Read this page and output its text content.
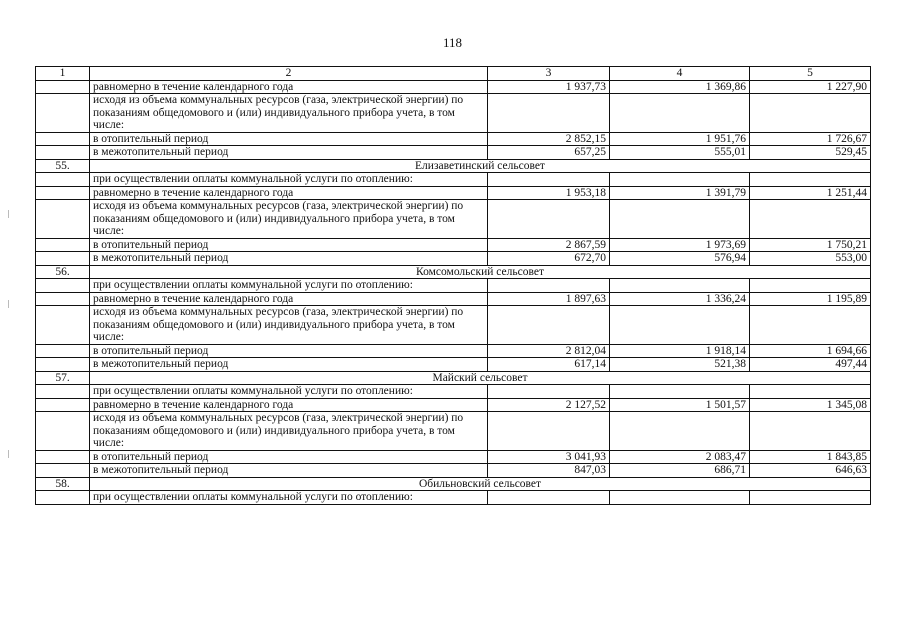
118
1	2	3	4	5
	равномерно в течение календарного года	1 937,73	1 369,86	1 227,90
	исходя из объема коммунальных ресурсов (газа, электрической энергии) по показаниям общедомового и (или) индивидуального прибора учета, в том числе:			
	в отопительный период	2 852,15	1 951,76	1 726,67
	в межотопительный период	657,25	555,01	529,45
55.	Елизаветинский сельсовет			
	при осуществлении оплаты коммунальной услуги по отоплению:			
	равномерно в течение календарного года	1 953,18	1 391,79	1 251,44
	исходя из объема коммунальных ресурсов (газа, электрической энергии) по показаниям общедомового и (или) индивидуального прибора учета, в том числе:			
	в отопительный период	2 867,59	1 973,69	1 750,21
	в межотопительный период	672,70	576,94	553,00
56.	Комсомольский сельсовет			
	при осуществлении оплаты коммунальной услуги по отоплению:			
	равномерно в течение календарного года	1 897,63	1 336,24	1 195,89
	исходя из объема коммунальных ресурсов (газа, электрической энергии) по показаниям общедомового и (или) индивидуального прибора учета, в том числе:			
	в отопительный период	2 812,04	1 918,14	1 694,66
	в межотопительный период	617,14	521,38	497,44
57.	Майский сельсовет			
	при осуществлении оплаты коммунальной услуги по отоплению:			
	равномерно в течение календарного года	2 127,52	1 501,57	1 345,08
	исходя из объема коммунальных ресурсов (газа, электрической энергии) по показаниям общедомового и (или) индивидуального прибора учета, в том числе:			
	в отопительный период	3 041,93	2 083,47	1 843,85
	в межотопительный период	847,03	686,71	646,63
58.	Обильновский сельсовет			
	при осуществлении оплаты коммунальной услуги по отоплению:			
